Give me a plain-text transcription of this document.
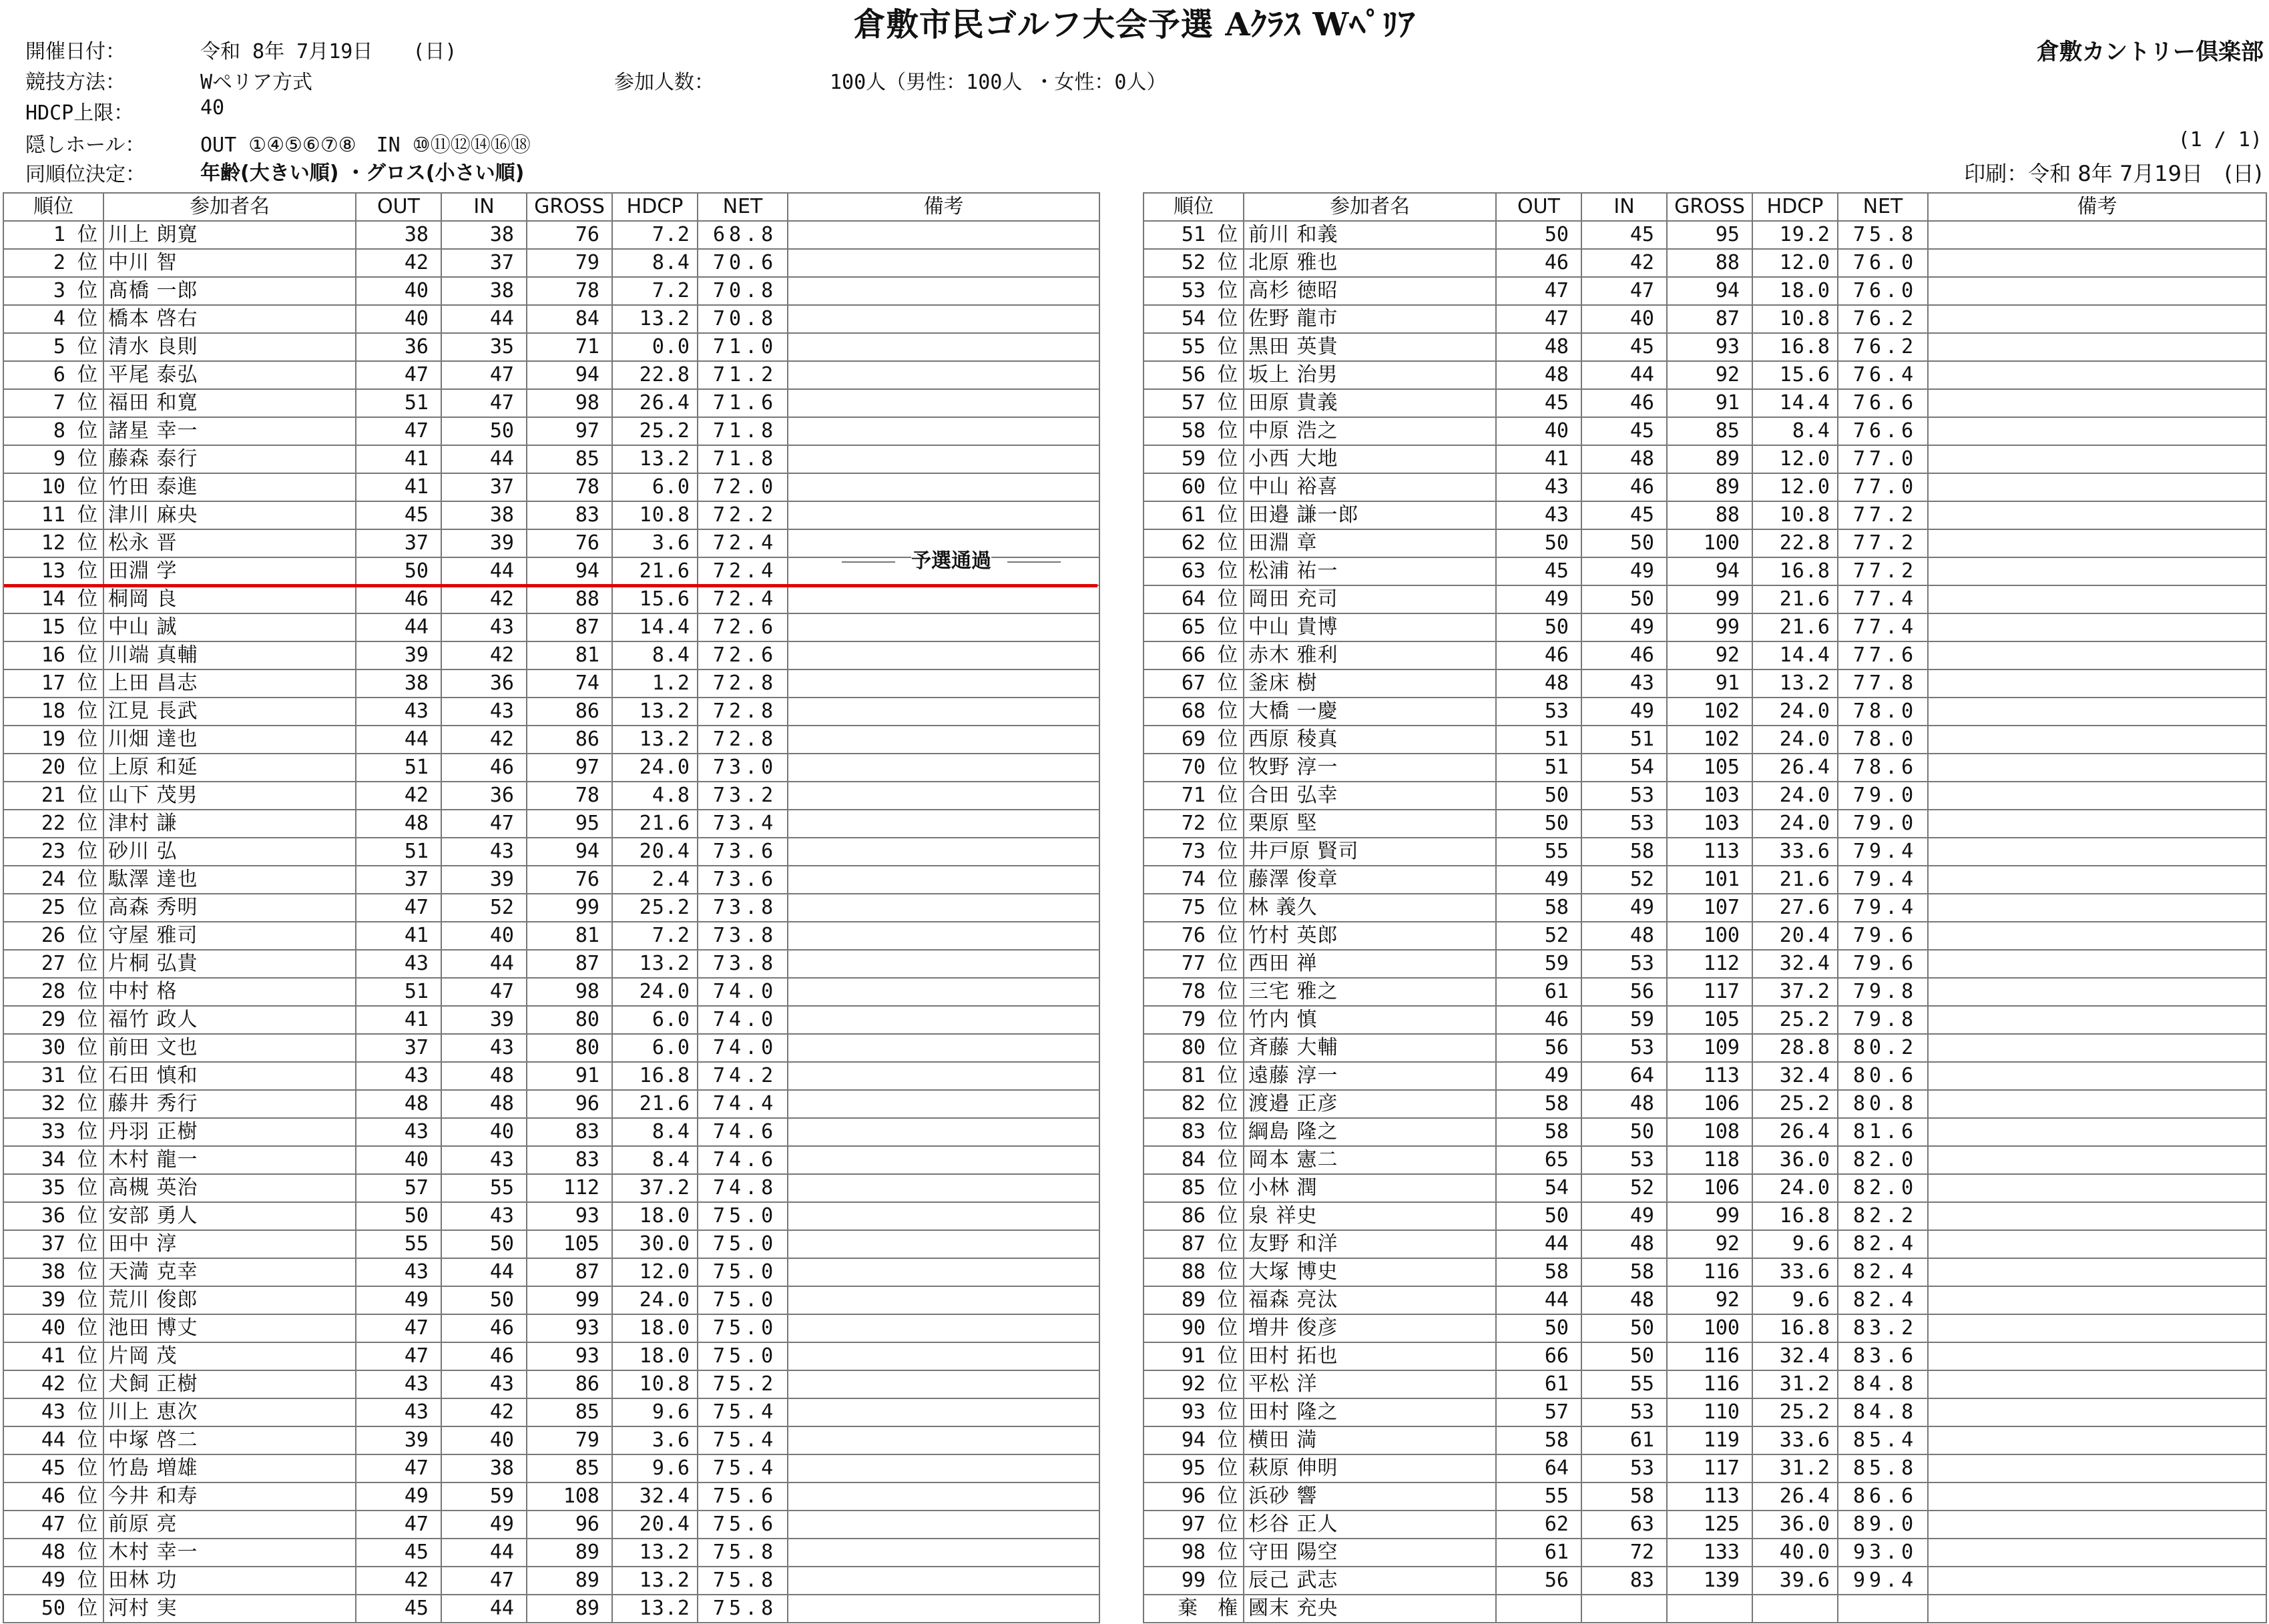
倉敷市民ゴルフ大会予選 Aｸﾗｽ Wﾍﾟﾘｱ
倉敷カントリー倶楽部
開催日付：	令和 8年 7月19日　　(日)
競技方法：	Wペリア方式	参加人数：	100人（男性：100人 ・女性：0人）
HDCP上限：	40
隠しホール：	OUT ①④⑤⑥⑦⑧　IN ⑩⑪⑫⑭⑯⑱
同順位決定：	年齢(大きい順) ・グロス(小さい順)
(1 / 1)
印刷：令和 8年 7月19日　(日)
順位	参加者名	OUT	IN	GROSS	HDCP	NET	備考
1 位	川上 朗寛	38	38	76	7.2	68.8	
2 位	中川 智	42	37	79	8.4	70.6	
3 位	髙橋 一郎	40	38	78	7.2	70.8	
4 位	橋本 啓右	40	44	84	13.2	70.8	
5 位	清水 良則	36	35	71	0.0	71.0	
6 位	平尾 泰弘	47	47	94	22.8	71.2	
7 位	福田 和寛	51	47	98	26.4	71.6	
8 位	諸星 幸一	47	50	97	25.2	71.8	
9 位	藤森 泰行	41	44	85	13.2	71.8	
10 位	竹田 泰進	41	37	78	6.0	72.0	
11 位	津川 麻央	45	38	83	10.8	72.2	
12 位	松永 晋	37	39	76	3.6	72.4	
13 位	田淵 学	50	44	94	21.6	72.4	
14 位	桐岡 良	46	42	88	15.6	72.4	
15 位	中山 誠	44	43	87	14.4	72.6	
16 位	川端 真輔	39	42	81	8.4	72.6	
17 位	上田 昌志	38	36	74	1.2	72.8	
18 位	江見 長武	43	43	86	13.2	72.8	
19 位	川畑 達也	44	42	86	13.2	72.8	
20 位	上原 和延	51	46	97	24.0	73.0	
21 位	山下 茂男	42	36	78	4.8	73.2	
22 位	津村 謙	48	47	95	21.6	73.4	
23 位	砂川 弘	51	43	94	20.4	73.6	
24 位	駄澤 達也	37	39	76	2.4	73.6	
25 位	高森 秀明	47	52	99	25.2	73.8	
26 位	守屋 雅司	41	40	81	7.2	73.8	
27 位	片桐 弘貴	43	44	87	13.2	73.8	
28 位	中村 格	51	47	98	24.0	74.0	
29 位	福竹 政人	41	39	80	6.0	74.0	
30 位	前田 文也	37	43	80	6.0	74.0	
31 位	石田 慎和	43	48	91	16.8	74.2	
32 位	藤井 秀行	48	48	96	21.6	74.4	
33 位	丹羽 正樹	43	40	83	8.4	74.6	
34 位	木村 龍一	40	43	83	8.4	74.6	
35 位	高槻 英治	57	55	112	37.2	74.8	
36 位	安部 勇人	50	43	93	18.0	75.0	
37 位	田中 淳	55	50	105	30.0	75.0	
38 位	天満 克幸	43	44	87	12.0	75.0	
39 位	荒川 俊郎	49	50	99	24.0	75.0	
40 位	池田 博丈	47	46	93	18.0	75.0	
41 位	片岡 茂	47	46	93	18.0	75.0	
42 位	犬飼 正樹	43	43	86	10.8	75.2	
43 位	川上 恵次	43	42	85	9.6	75.4	
44 位	中塚 啓二	39	40	79	3.6	75.4	
45 位	竹島 増雄	47	38	85	9.6	75.4	
46 位	今井 和寿	49	59	108	32.4	75.6	
47 位	前原 亮	47	49	96	20.4	75.6	
48 位	木村 幸一	45	44	89	13.2	75.8	
49 位	田林 功	42	47	89	13.2	75.8	
50 位	河村 実	45	44	89	13.2	75.8	
順位	参加者名	OUT	IN	GROSS	HDCP	NET	備考
51 位	前川 和義	50	45	95	19.2	75.8	
52 位	北原 雅也	46	42	88	12.0	76.0	
53 位	高杉 徳昭	47	47	94	18.0	76.0	
54 位	佐野 龍市	47	40	87	10.8	76.2	
55 位	黒田 英貴	48	45	93	16.8	76.2	
56 位	坂上 治男	48	44	92	15.6	76.4	
57 位	田原 貴義	45	46	91	14.4	76.6	
58 位	中原 浩之	40	45	85	8.4	76.6	
59 位	小西 大地	41	48	89	12.0	77.0	
60 位	中山 裕喜	43	46	89	12.0	77.0	
61 位	田邉 謙一郎	43	45	88	10.8	77.2	
62 位	田淵 章	50	50	100	22.8	77.2	
63 位	松浦 祐一	45	49	94	16.8	77.2	
64 位	岡田 充司	49	50	99	21.6	77.4	
65 位	中山 貴博	50	49	99	21.6	77.4	
66 位	赤木 雅利	46	46	92	14.4	77.6	
67 位	釜床 樹	48	43	91	13.2	77.8	
68 位	大橋 一慶	53	49	102	24.0	78.0	
69 位	西原 稜真	51	51	102	24.0	78.0	
70 位	牧野 淳一	51	54	105	26.4	78.6	
71 位	合田 弘幸	50	53	103	24.0	79.0	
72 位	栗原 堅	50	53	103	24.0	79.0	
73 位	井戸原 賢司	55	58	113	33.6	79.4	
74 位	藤澤 俊章	49	52	101	21.6	79.4	
75 位	林 義久	58	49	107	27.6	79.4	
76 位	竹村 英郎	52	48	100	20.4	79.6	
77 位	西田 禅	59	53	112	32.4	79.6	
78 位	三宅 雅之	61	56	117	37.2	79.8	
79 位	竹内 慎	46	59	105	25.2	79.8	
80 位	斉藤 大輔	56	53	109	28.8	80.2	
81 位	遠藤 淳一	49	64	113	32.4	80.6	
82 位	渡邉 正彦	58	48	106	25.2	80.8	
83 位	綱島 隆之	58	50	108	26.4	81.6	
84 位	岡本 憲二	65	53	118	36.0	82.0	
85 位	小林 潤	54	52	106	24.0	82.0	
86 位	泉 祥史	50	49	99	16.8	82.2	
87 位	友野 和洋	44	48	92	9.6	82.4	
88 位	大塚 博史	58	58	116	33.6	82.4	
89 位	福森 亮汰	44	48	92	9.6	82.4	
90 位	増井 俊彦	50	50	100	16.8	83.2	
91 位	田村 拓也	66	50	116	32.4	83.6	
92 位	平松 洋	61	55	116	31.2	84.8	
93 位	田村 隆之	57	53	110	25.2	84.8	
94 位	横田 満	58	61	119	33.6	85.4	
95 位	萩原 伸明	64	53	117	31.2	85.8	
96 位	浜砂 響	55	58	113	26.4	86.6	
97 位	杉谷 正人	62	63	125	36.0	89.0	
98 位	守田 陽空	61	72	133	40.0	93.0	
99 位	辰己 武志	56	83	139	39.6	99.4	
棄　権	國末 充央						
予選通過
